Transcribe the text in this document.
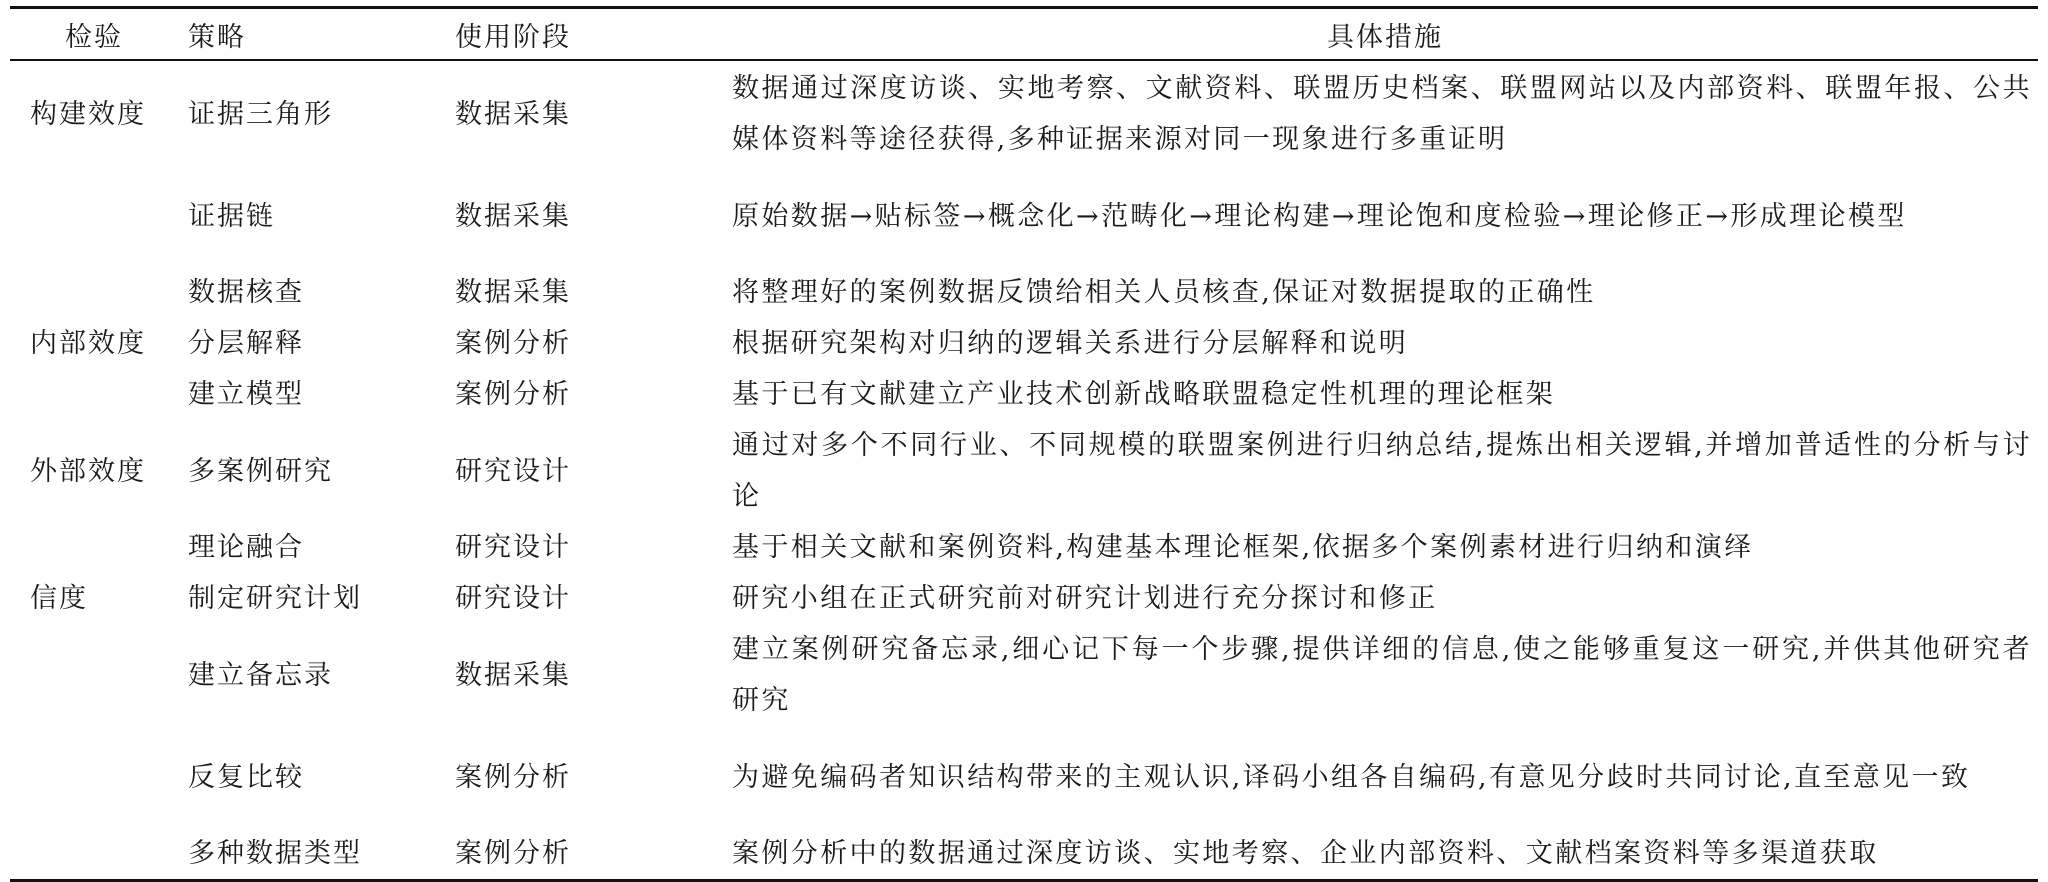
检验	策略	使用阶段	具体措施
构建效度	证据三角形	数据采集	数据通过深度访谈、实地考察、文献资料、联盟历史档案、联盟网站以及内部资料、联盟年报、公共媒体资料等途径获得,多种证据来源对同一现象进行多重证明
	证据链	数据采集	原始数据→贴标签→概念化→范畴化→理论构建→理论饱和度检验→理论修正→形成理论模型
	数据核查	数据采集	将整理好的案例数据反馈给相关人员核查,保证对数据提取的正确性
内部效度	分层解释	案例分析	根据研究架构对归纳的逻辑关系进行分层解释和说明
	建立模型	案例分析	基于已有文献建立产业技术创新战略联盟稳定性机理的理论框架
外部效度	多案例研究	研究设计	通过对多个不同行业、不同规模的联盟案例进行归纳总结,提炼出相关逻辑,并增加普适性的分析与讨论
	理论融合	研究设计	基于相关文献和案例资料,构建基本理论框架,依据多个案例素材进行归纳和演绎
信度	制定研究计划	研究设计	研究小组在正式研究前对研究计划进行充分探讨和修正
	建立备忘录	数据采集	建立案例研究备忘录,细心记下每一个步骤,提供详细的信息,使之能够重复这一研究,并供其他研究者研究
	反复比较	案例分析	为避免编码者知识结构带来的主观认识,译码小组各自编码,有意见分歧时共同讨论,直至意见一致
	多种数据类型	案例分析	案例分析中的数据通过深度访谈、实地考察、企业内部资料、文献档案资料等多渠道获取
